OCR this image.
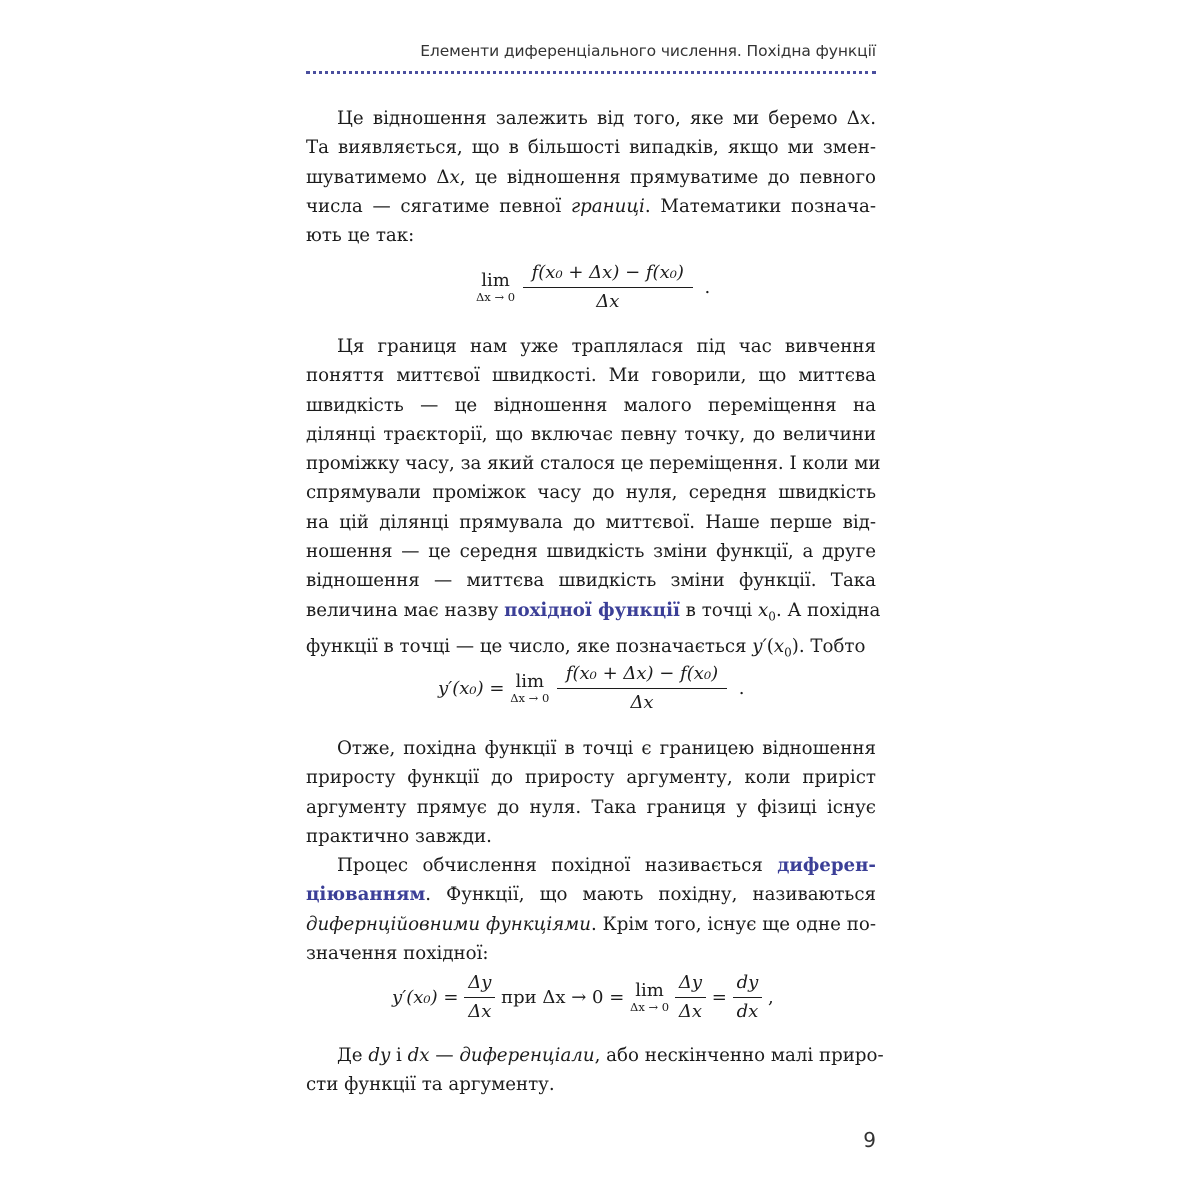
Елементи диференціального числення. Похідна функції
Це відношення залежить від того, яке ми беремо Δx.
Та виявляється, що в більшості випадків, якщо ми змен-
шуватимемо Δx, це відношення прямуватиме до певного
числа — сягатиме певної границі. Математики познача-
ють це так:
lim
Δx → 0
$\frac{\text{f(x₀ + Δx) − f(x₀)}}{\Delta x}$ .
Ця границя нам уже траплялася під час вивчення
поняття миттєвої швидкості. Ми говорили, що миттєва
швидкість — це відношення малого переміщення на
ділянці траєкторії, що включає певну точку, до величини
проміжку часу, за який сталося це переміщення. І коли ми
спрямували проміжок часу до нуля, середня швидкість
на цій ділянці прямувала до миттєвої. Наше перше від-
ношення — це середня швидкість зміни функції, а друге
відношення — миттєва швидкість зміни функції. Така
величина має назву похідної функції в точці $x_0$. А похідна
функції в точці — це число, яке позначається $y'(x_0)$. Тобто
y′(x₀) = lim
Δx → 0
$\frac{\text{f(x₀ + Δx) − f(x₀)}}{\Delta x}$ .
Отже, похідна функції в точці є границею відношення
приросту функції до приросту аргументу, коли приріст
аргументу прямує до нуля. Така границя у фізиці існує
практично завжди.
Процес обчислення похідної називається диферен-
ціюванням. Функції, що мають похідну, називаються
дифернційовними функціями. Крім того, існує ще одне по-
значення похідної:
$y'(x_0) = \frac{\Delta y}{\Delta x}$ при Δx → 0 = lim
Δx → 0
$\frac{\Delta y}{\Delta x} = \frac{dy}{dx}$ ,
Де dy і dx — диференціали, або нескінченно малі приро-
сти функції та аргументу.
9
